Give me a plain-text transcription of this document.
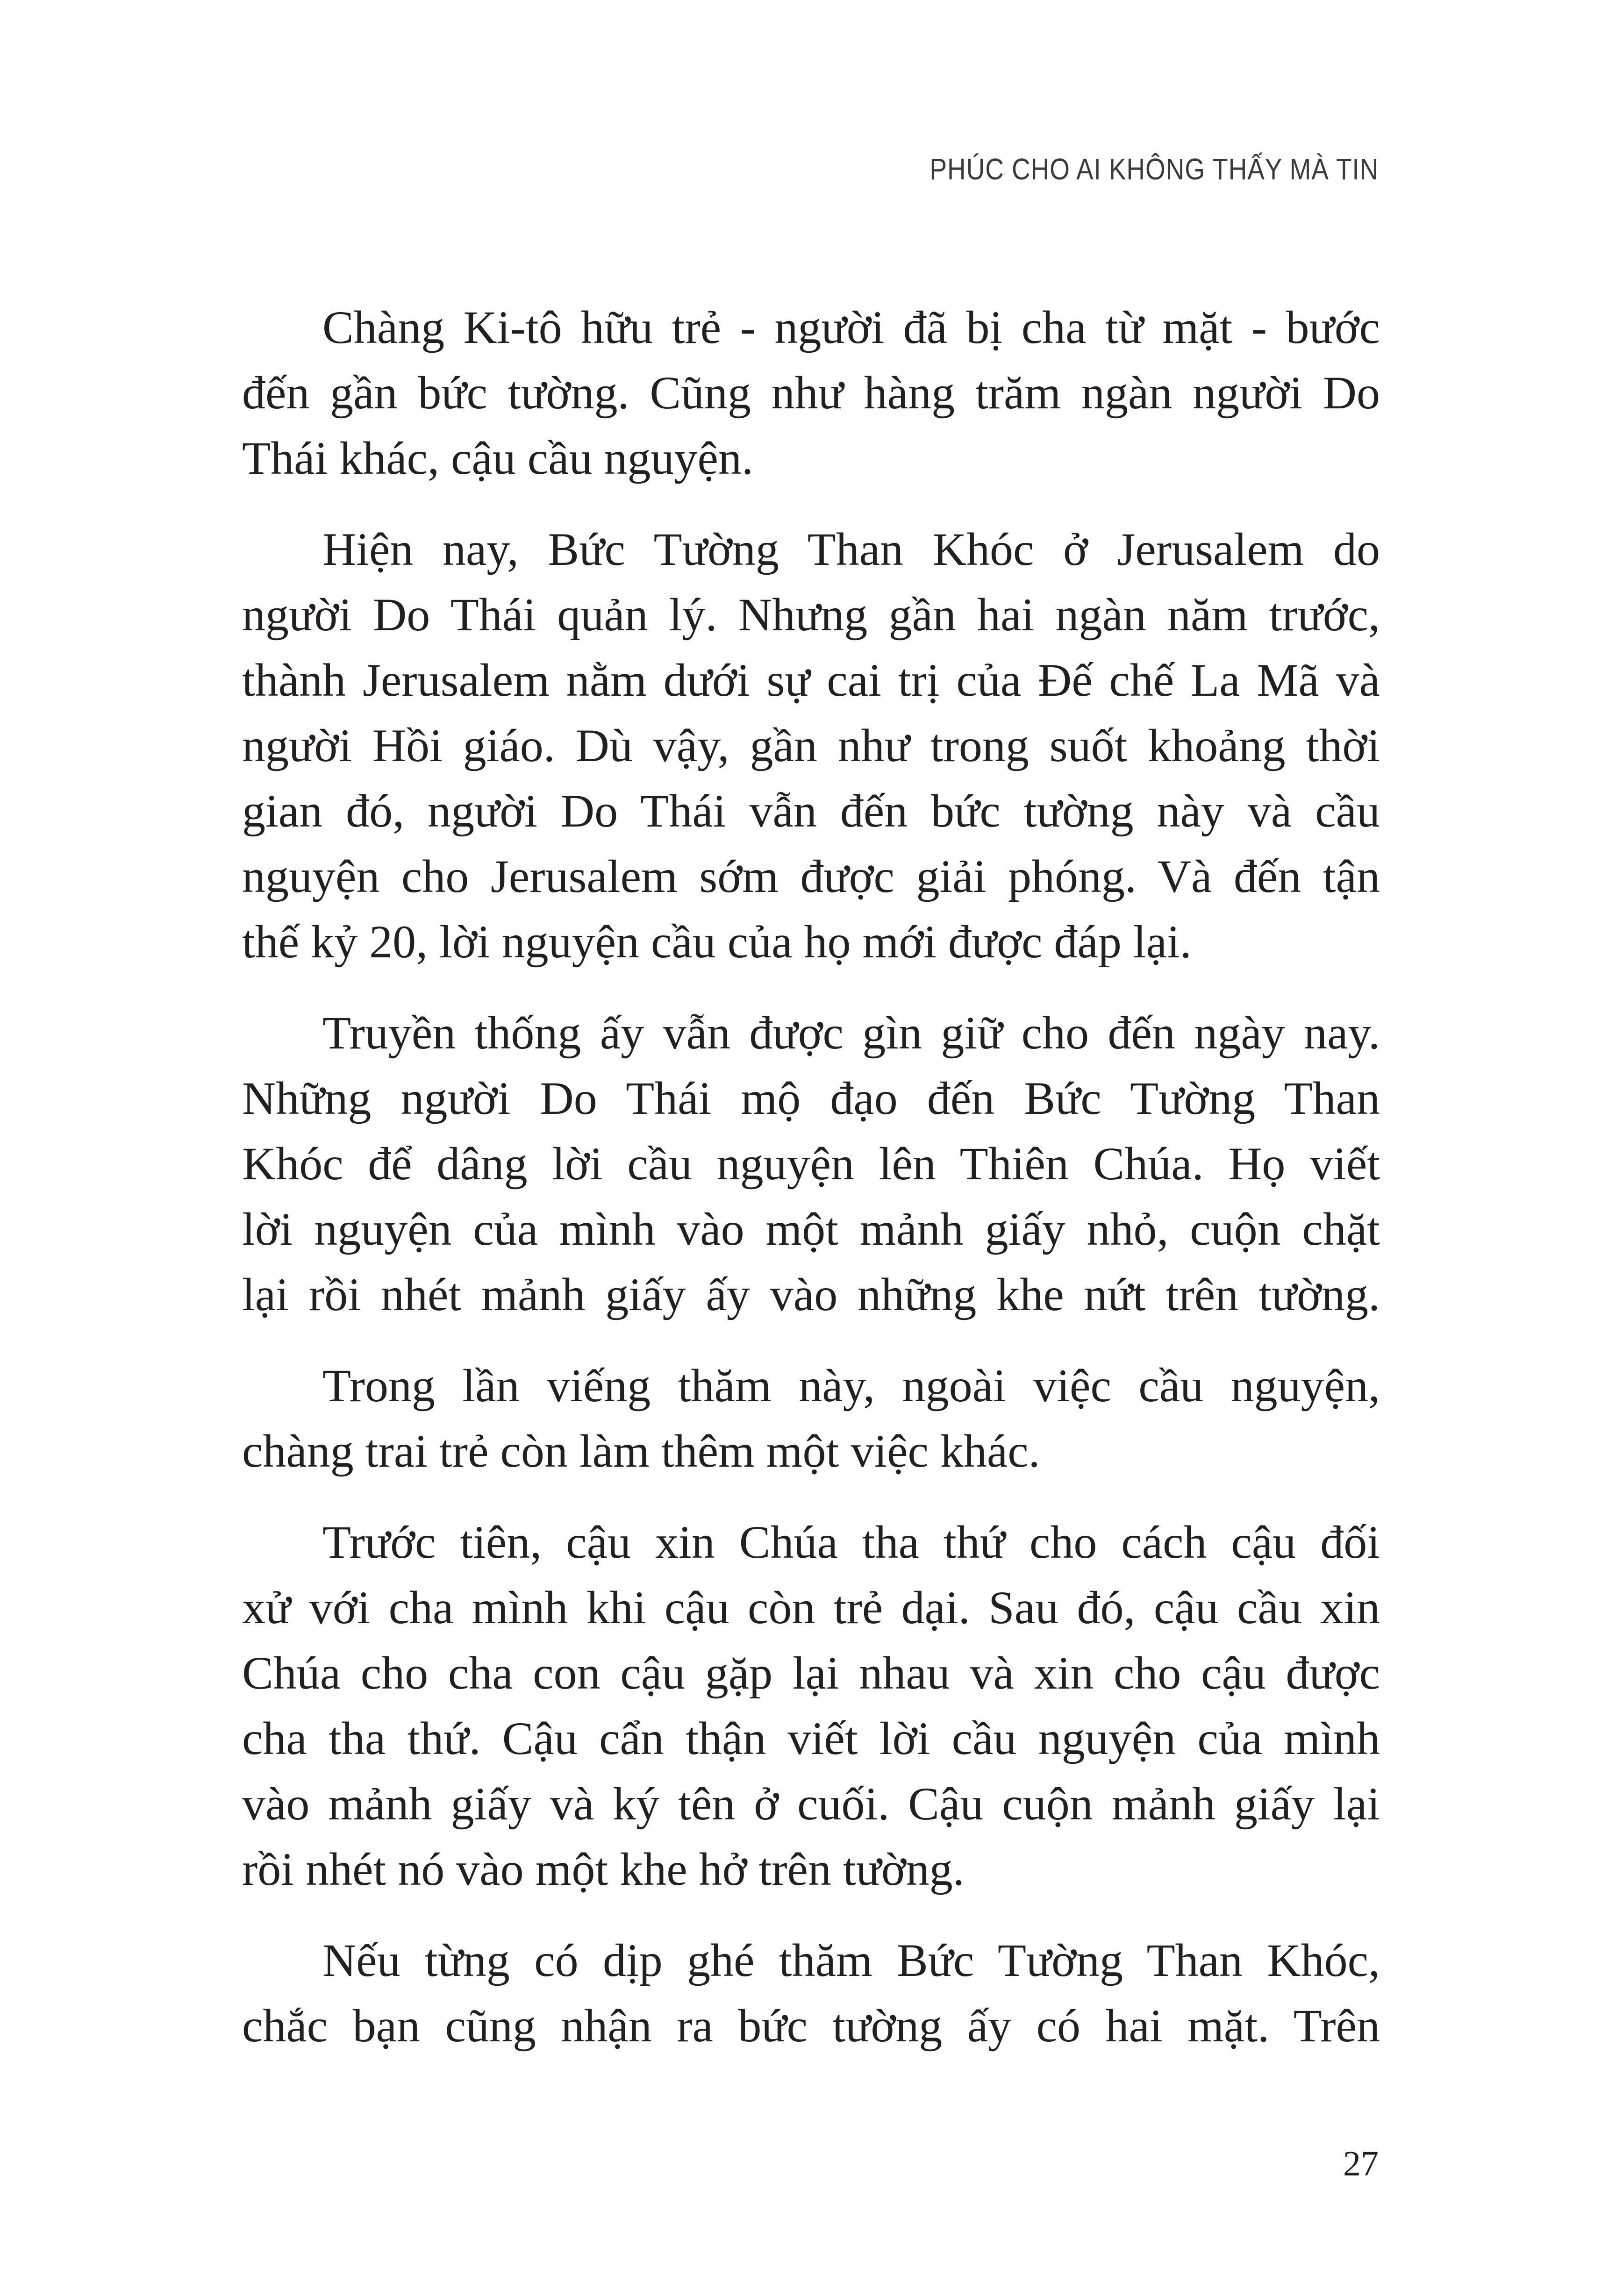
PHÚC CHO AI KHÔNG THẤY MÀ TIN
Chàng Ki-tô hữu trẻ - người đã bị cha từ mặt - bước
đến gần bức tường. Cũng như hàng trăm ngàn người Do
Thái khác, cậu cầu nguyện.
Hiện nay, Bức Tường Than Khóc ở Jerusalem do
người Do Thái quản lý. Nhưng gần hai ngàn năm trước,
thành Jerusalem nằm dưới sự cai trị của Đế chế La Mã và
người Hồi giáo. Dù vậy, gần như trong suốt khoảng thời
gian đó, người Do Thái vẫn đến bức tường này và cầu
nguyện cho Jerusalem sớm được giải phóng. Và đến tận
thế kỷ 20, lời nguyện cầu của họ mới được đáp lại.
Truyền thống ấy vẫn được gìn giữ cho đến ngày nay.
Những người Do Thái mộ đạo đến Bức Tường Than
Khóc để dâng lời cầu nguyện lên Thiên Chúa. Họ viết
lời nguyện của mình vào một mảnh giấy nhỏ, cuộn chặt
lại rồi nhét mảnh giấy ấy vào những khe nứt trên tường.
Trong lần viếng thăm này, ngoài việc cầu nguyện,
chàng trai trẻ còn làm thêm một việc khác.
Trước tiên, cậu xin Chúa tha thứ cho cách cậu đối
xử với cha mình khi cậu còn trẻ dại. Sau đó, cậu cầu xin
Chúa cho cha con cậu gặp lại nhau và xin cho cậu được
cha tha thứ. Cậu cẩn thận viết lời cầu nguyện của mình
vào mảnh giấy và ký tên ở cuối. Cậu cuộn mảnh giấy lại
rồi nhét nó vào một khe hở trên tường.
Nếu từng có dịp ghé thăm Bức Tường Than Khóc,
chắc bạn cũng nhận ra bức tường ấy có hai mặt. Trên
27
